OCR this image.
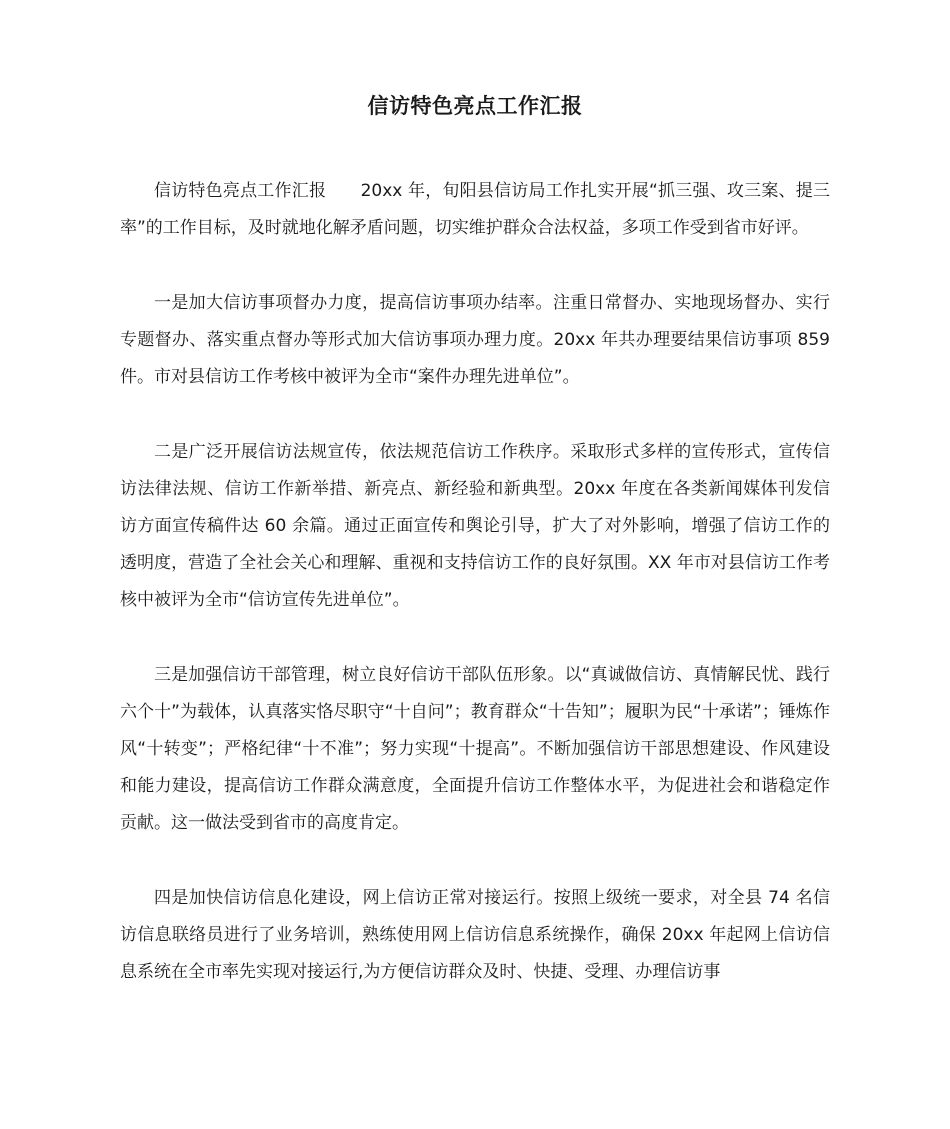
信访特色亮点工作汇报

信访特色亮点工作汇报　　20xx 年，旬阳县信访局工作扎实开展“抓三强、攻三案、提三率”的工作目标，及时就地化解矛盾问题，切实维护群众合法权益，多项工作受到省市好评。

一是加大信访事项督办力度，提高信访事项办结率。注重日常督办、实地现场督办、实行专题督办、落实重点督办等形式加大信访事项办理力度。20xx 年共办理要结果信访事项 859 件。市对县信访工作考核中被评为全市“案件办理先进单位”。

二是广泛开展信访法规宣传，依法规范信访工作秩序。采取形式多样的宣传形式，宣传信访法律法规、信访工作新举措、新亮点、新经验和新典型。20xx 年度在各类新闻媒体刊发信访方面宣传稿件达 60 余篇。通过正面宣传和舆论引导，扩大了对外影响，增强了信访工作的透明度，营造了全社会关心和理解、重视和支持信访工作的良好氛围。XX 年市对县信访工作考核中被评为全市“信访宣传先进单位”。

三是加强信访干部管理，树立良好信访干部队伍形象。以“真诚做信访、真情解民忧、践行六个十”为载体，认真落实恪尽职守“十自问”；教育群众“十告知”；履职为民“十承诺”；锤炼作风“十转变”；严格纪律“十不准”；努力实现“十提高”。不断加强信访干部思想建设、作风建设和能力建设，提高信访工作群众满意度，全面提升信访工作整体水平，为促进社会和谐稳定作贡献。这一做法受到省市的高度肯定。

四是加快信访信息化建设，网上信访正常对接运行。按照上级统一要求，对全县 74 名信访信息联络员进行了业务培训，熟练使用网上信访信息系统操作，确保 20xx 年起网上信访信息系统在全市率先实现对接运行,为方便信访群众及时、快捷、受理、办理信访事
